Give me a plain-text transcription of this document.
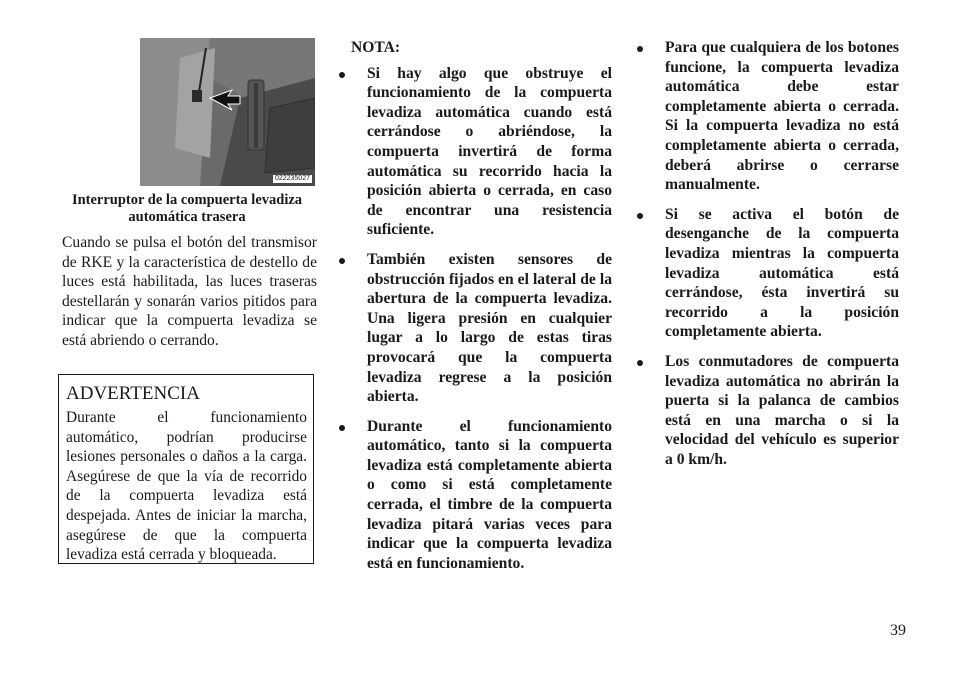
022235027
Interruptor de la compuerta levadiza automática trasera

Cuando se pulsa el botón del transmisor de RKE y la característica de destello de luces está habilitada, las luces traseras destellarán y sonarán varios pitidos para indicar que la compuerta levadiza se está abriendo o cerrando.

ADVERTENCIA

Durante el funcionamiento automático, podrían producirse lesiones personales o daños a la carga. Asegúrese de que la vía de recorrido de la compuerta levadiza está despejada. Antes de iniciar la marcha, asegúrese de que la compuerta levadiza está cerrada y bloqueada.

NOTA:
Si hay algo que obstruye el funcionamiento de la compuerta levadiza automática cuando está cerrándose o abriéndose, la compuerta invertirá de forma automática su recorrido hacia la posición abierta o cerrada, en caso de encontrar una resistencia suficiente.
También existen sensores de obstrucción fijados en el lateral de la abertura de la compuerta levadiza. Una ligera presión en cualquier lugar a lo largo de estas tiras provocará que la compuerta levadiza regrese a la posición abierta.
Durante el funcionamiento automático, tanto si la compuerta levadiza está completamente abierta o como si está completamente cerrada, el timbre de la compuerta levadiza pitará varias veces para indicar que la compuerta levadiza está en funcionamiento.
Para que cualquiera de los botones funcione, la compuerta levadiza automática debe estar completamente abierta o cerrada. Si la compuerta levadiza no está completamente abierta o cerrada, deberá abrirse o cerrarse manualmente.
Si se activa el botón de desenganche de la compuerta levadiza mientras la compuerta levadiza automática está cerrándose, ésta invertirá su recorrido a la posición completamente abierta.
Los conmutadores de compuerta levadiza automática no abrirán la puerta si la palanca de cambios está en una marcha o si la velocidad del vehículo es superior a 0 km/h.
39
